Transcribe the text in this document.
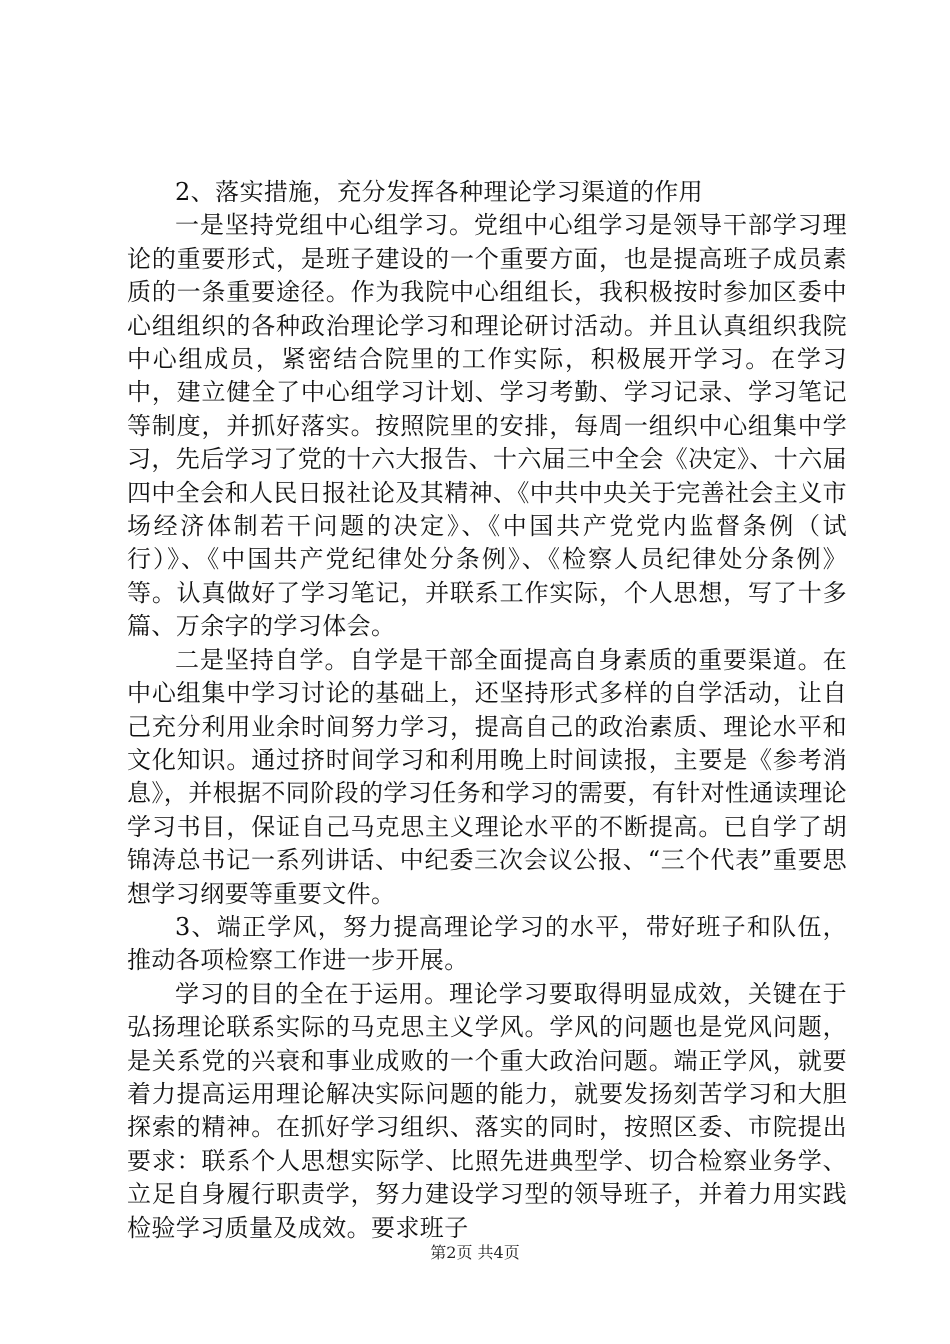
2、落实措施，充分发挥各种理论学习渠道的作用

一是坚持党组中心组学习。党组中心组学习是领导干部学习理论的重要形式，是班子建设的一个重要方面，也是提高班子成员素质的一条重要途径。作为我院中心组组长，我积极按时参加区委中心组组织的各种政治理论学习和理论研讨活动。并且认真组织我院中心组成员，紧密结合院里的工作实际，积极展开学习。在学习中，建立健全了中心组学习计划、学习考勤、学习记录、学习笔记等制度，并抓好落实。按照院里的安排，每周一组织中心组集中学习，先后学习了党的十六大报告、十六届三中全会《决定》、十六届四中全会和人民日报社论及其精神、《中共中央关于完善社会主义市场经济体制若干问题的决定》、《中国共产党党内监督条例（试行）》、《中国共产党纪律处分条例》、《检察人员纪律处分条例》等。认真做好了学习笔记，并联系工作实际，个人思想，写了十多篇、万余字的学习体会。

二是坚持自学。自学是干部全面提高自身素质的重要渠道。在中心组集中学习讨论的基础上，还坚持形式多样的自学活动，让自己充分利用业余时间努力学习，提高自己的政治素质、理论水平和文化知识。通过挤时间学习和利用晚上时间读报，主要是《参考消息》，并根据不同阶段的学习任务和学习的需要，有针对性通读理论学习书目，保证自己马克思主义理论水平的不断提高。已自学了胡锦涛总书记一系列讲话、中纪委三次会议公报、“三个代表”重要思想学习纲要等重要文件。

3、端正学风，努力提高理论学习的水平，带好班子和队伍，推动各项检察工作进一步开展。

学习的目的全在于运用。理论学习要取得明显成效，关键在于弘扬理论联系实际的马克思主义学风。学风的问题也是党风问题，是关系党的兴衰和事业成败的一个重大政治问题。端正学风，就要着力提高运用理论解决实际问题的能力，就要发扬刻苦学习和大胆探索的精神。在抓好学习组织、落实的同时，按照区委、市院提出要求：联系个人思想实际学、比照先进典型学、切合检察业务学、立足自身履行职责学，努力建设学习型的领导班子，并着力用实践检验学习质量及成效。要求班子

第2页 共4页
